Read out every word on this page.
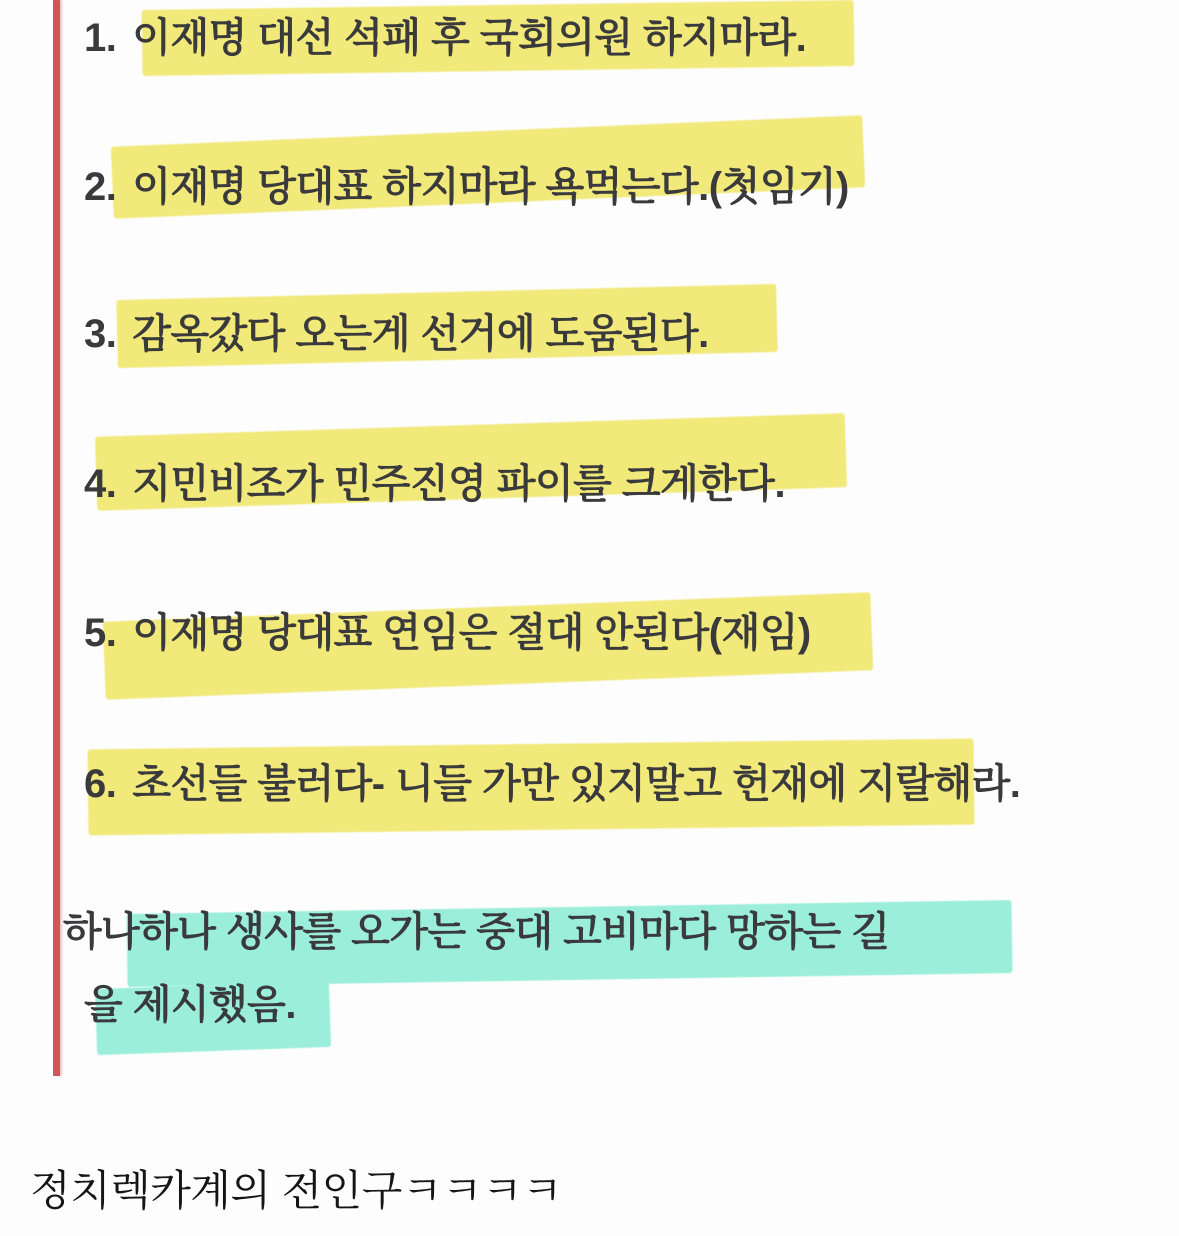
1. 이재명 대선 석패 후 국회의원 하지마라.
2. 이재명 당대표 하지마라 욕먹는다.(첫임기)
3. 감옥갔다 오는게 선거에 도움된다.
4. 지민비조가 민주진영 파이를 크게한다.
5. 이재명 당대표 연임은 절대 안된다(재임)
6. 초선들 불러다- 니들 가만 있지말고 헌재에 지랄해라.
하나하나 생사를 오가는 중대 고비마다 망하는 길
을 제시했음.
정치렉카계의 전인구ㅋㅋㅋㅋ
